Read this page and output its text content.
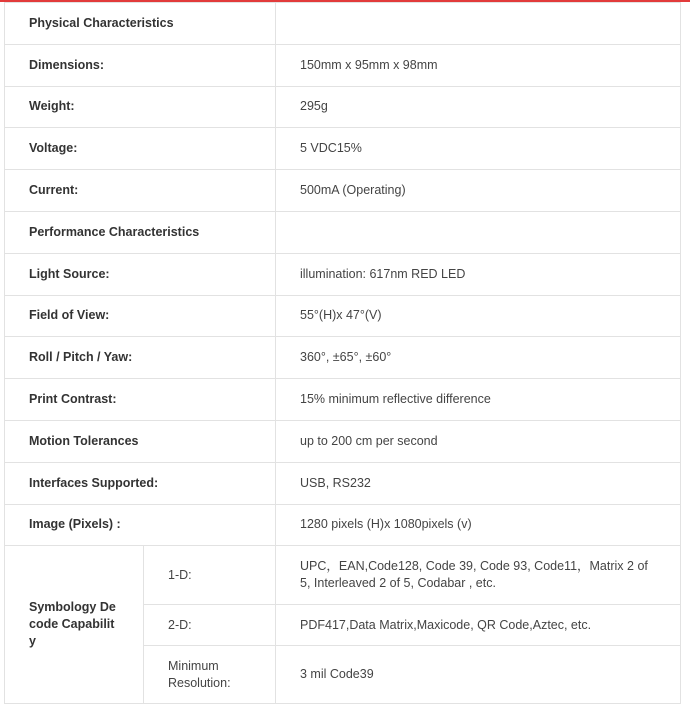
Physical Characteristics		
Dimensions:		150mm x 95mm x 98mm
Weight:		295g
Voltage:		5 VDC15%
Current:		500mA (Operating)
Performance Characteristics		
Light Source:		illumination: 617nm RED LED
Field of View:		55°(H)x 47°(V)
Roll / Pitch / Yaw:		360°, ±65°, ±60°
Print Contrast:		15% minimum reflective difference
Motion Tolerances		up to 200 cm per second
Interfaces Supported:		USB, RS232
Image (Pixels) :		1280 pixels (H)x 1080pixels (v)
Symbology Decode Capability	1-D:	UPC，EAN,Code128, Code 39, Code 93, Code11，Matrix 2 of 5, Interleaved 2 of 5, Codabar , etc.
	2-D:	PDF417,Data Matrix,Maxicode, QR Code,Aztec, etc.
	Minimum Resolution:	3 mil Code39
